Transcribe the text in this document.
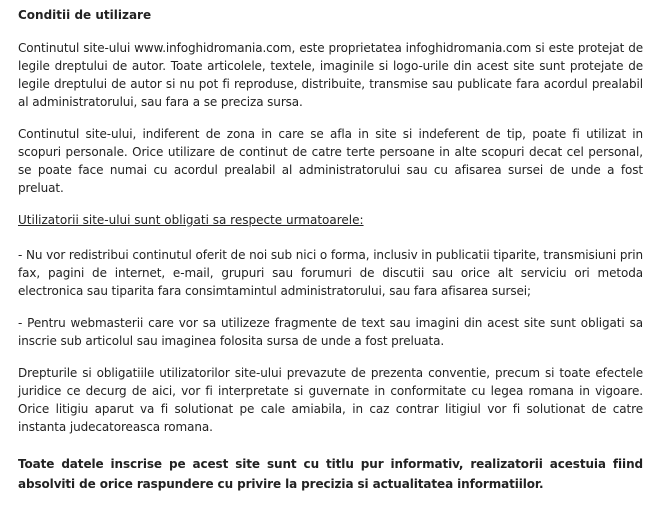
Conditii de utilizare

Continutul site-ului www.infoghidromania.com, este proprietatea infoghidromania.com si este protejat de legile dreptului de autor. Toate articolele, textele, imaginile si logo-urile din acest site sunt protejate de legile dreptului de autor si nu pot fi reproduse, distribuite, transmise sau publicate fara acordul prealabil al administratorului, sau fara a se preciza sursa.

Continutul site-ului, indiferent de zona in care se afla in site si indeferent de tip, poate fi utilizat in scopuri personale. Orice utilizare de continut de catre terte persoane in alte scopuri decat cel personal, se poate face numai cu acordul prealabil al administratorului sau cu afisarea sursei de unde a fost preluat.

Utilizatorii site-ului sunt obligati sa respecte urmatoarele:

- Nu vor redistribui continutul oferit de noi sub nici o forma, inclusiv in publicatii tiparite, transmisiuni prin fax, pagini de internet, e-mail, grupuri sau forumuri de discutii sau orice alt serviciu ori metoda electronica sau tiparita fara consimtamintul administratorului, sau fara afisarea sursei;

- Pentru webmasterii care vor sa utilizeze fragmente de text sau imagini din acest site sunt obligati sa inscrie sub articolul sau imaginea folosita sursa de unde a fost preluata.

Drepturile si obligatiile utilizatorilor site-ului prevazute de prezenta conventie, precum si toate efectele juridice ce decurg de aici, vor fi interpretate si guvernate in conformitate cu legea romana in vigoare. Orice litigiu aparut va fi solutionat pe cale amiabila, in caz contrar litigiul vor fi solutionat de catre instanta judecatoreasca romana.

Toate datele inscrise pe acest site sunt cu titlu pur informativ, realizatorii acestuia fiind absolviti de orice raspundere cu privire la precizia si actualitatea informatiilor.
